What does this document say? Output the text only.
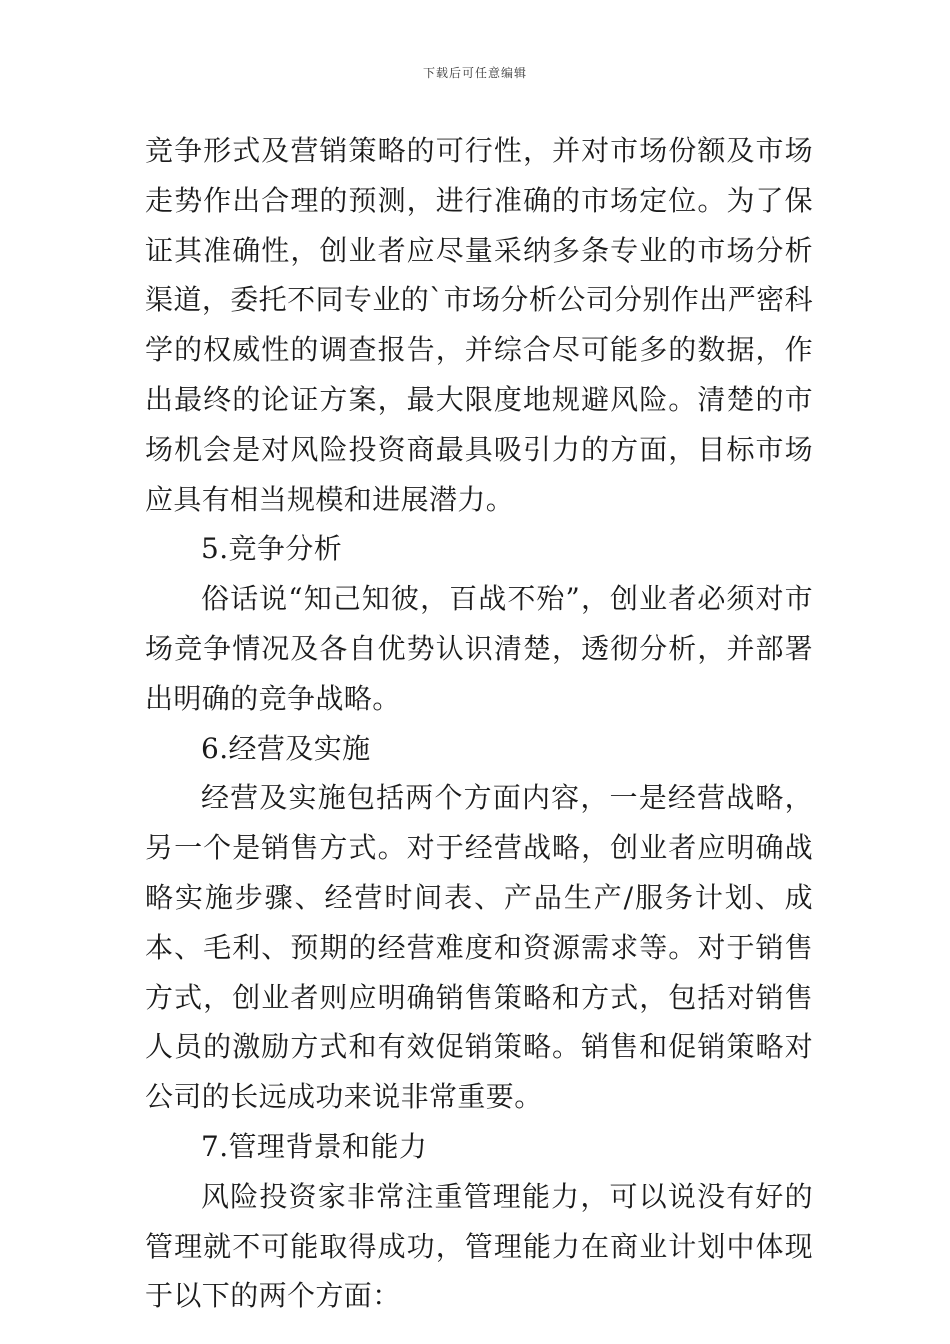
下载后可任意编辑

竞争形式及营销策略的可行性，并对市场份额及市场走势作出合理的预测，进行准确的市场定位。为了保证其准确性，创业者应尽量采纳多条专业的市场分析渠道，委托不同专业的`市场分析公司分别作出严密科学的权威性的调查报告，并综合尽可能多的数据，作出最终的论证方案，最大限度地规避风险。清楚的市场机会是对风险投资商最具吸引力的方面，目标市场应具有相当规模和进展潜力。

5.竞争分析

俗话说“知己知彼，百战不殆”，创业者必须对市场竞争情况及各自优势认识清楚，透彻分析，并部署出明确的竞争战略。

6.经营及实施

经营及实施包括两个方面内容，一是经营战略，另一个是销售方式。对于经营战略，创业者应明确战略实施步骤、经营时间表、产品生产/服务计划、成本、毛利、预期的经营难度和资源需求等。对于销售方式，创业者则应明确销售策略和方式，包括对销售人员的激励方式和有效促销策略。销售和促销策略对公司的长远成功来说非常重要。

7.管理背景和能力

风险投资家非常注重管理能力，可以说没有好的管理就不可能取得成功，管理能力在商业计划中体现于以下的两个方面：
